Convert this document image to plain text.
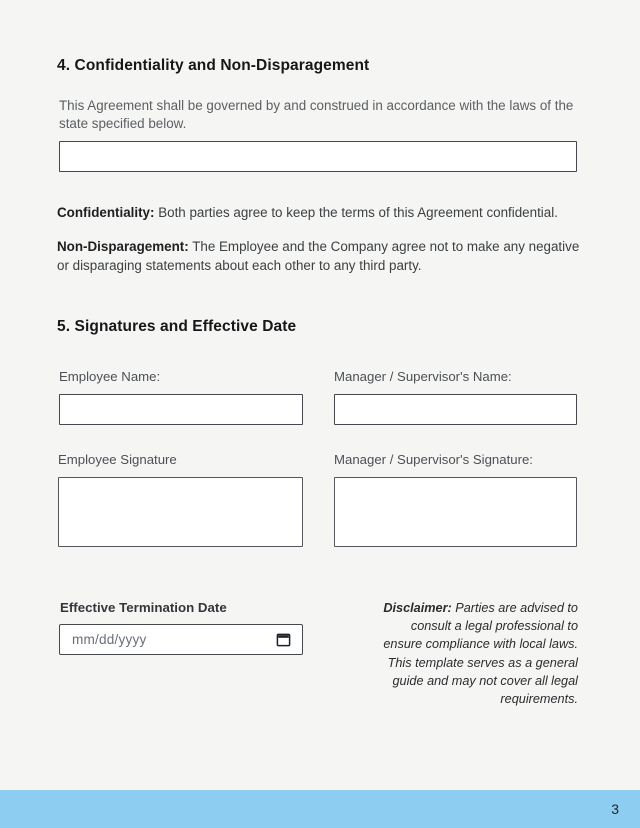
4. Confidentiality and Non-Disparagement

This Agreement shall be governed by and construed in accordance with the laws of the state specified below.

Confidentiality: Both parties agree to keep the terms of this Agreement confidential.

Non-Disparagement: The Employee and the Company agree not to make any negative or disparaging statements about each other to any third party.

5. Signatures and Effective Date
Employee Name:	Manager / Supervisor's Name:
Employee Signature	Manager / Supervisor's Signature:
Effective Termination Date
mm/dd/yyyy

Disclaimer: Parties are advised to consult a legal professional to ensure compliance with local laws. This template serves as a general guide and may not cover all legal requirements.

3
